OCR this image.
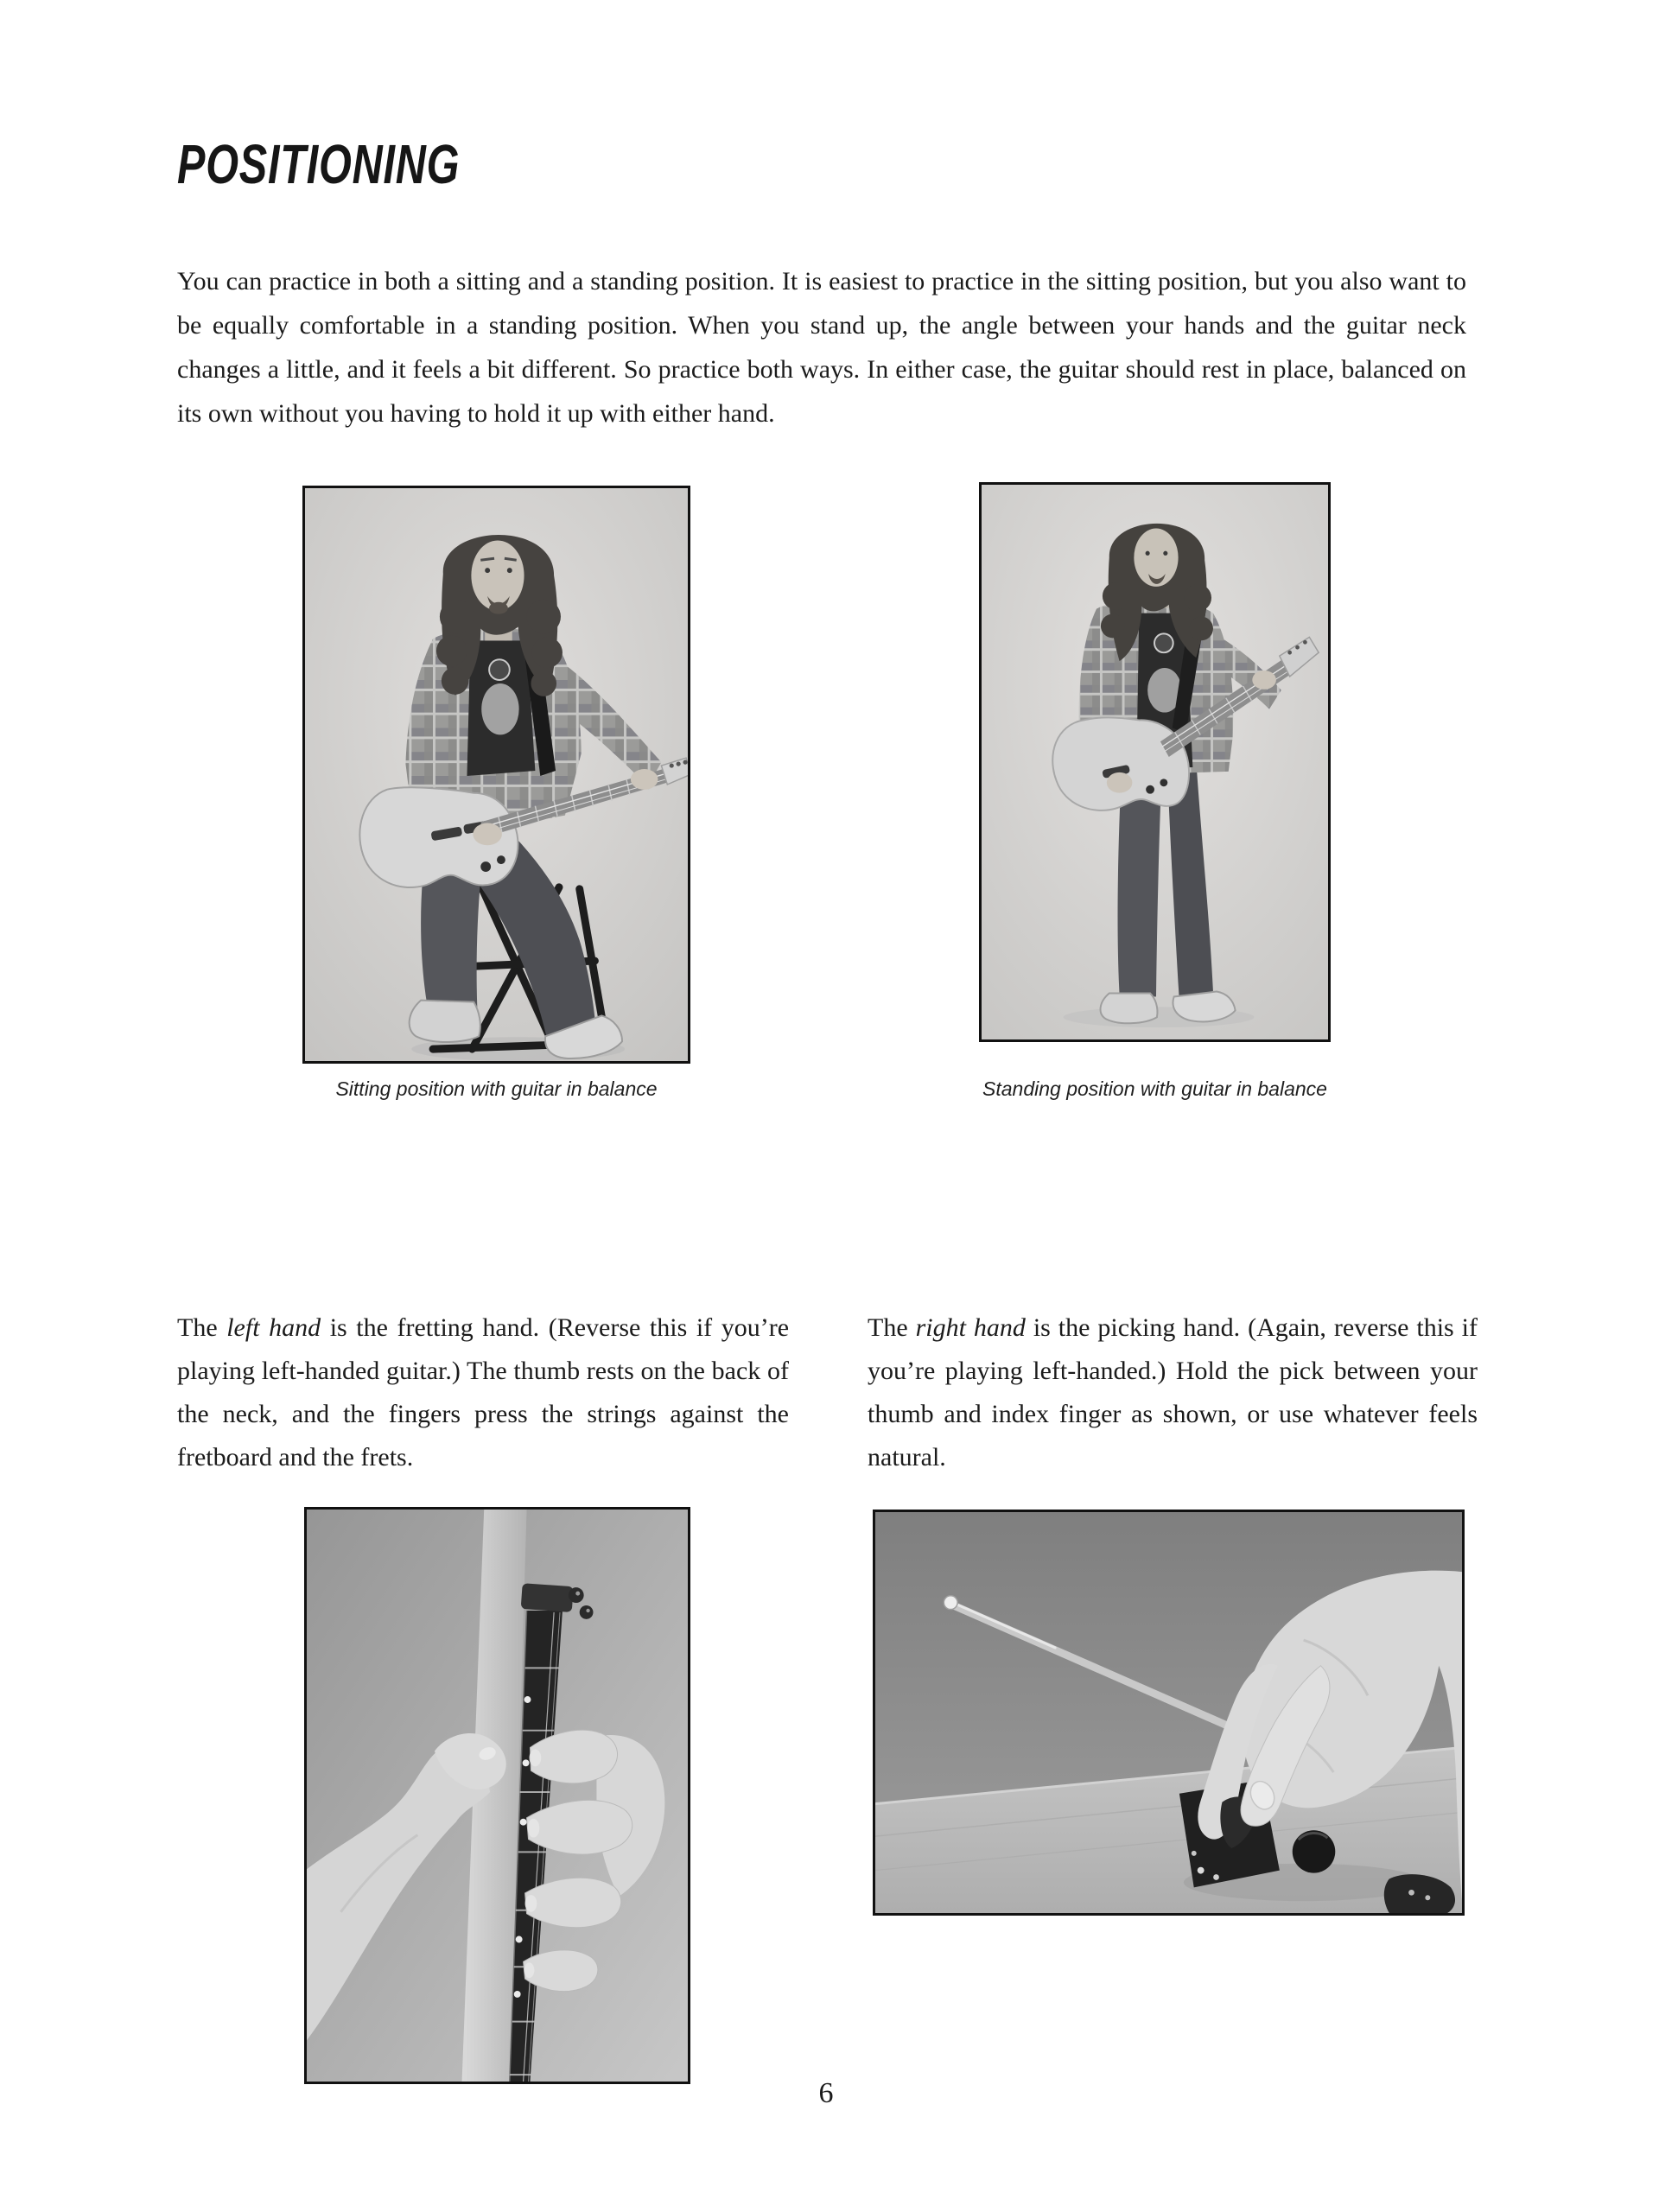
POSITIONING

You can practice in both a sitting and a standing position. It is easiest to practice in the sitting position, but you also want to be equally comfortable in a standing position. When you stand up, the angle between your hands and the guitar neck changes a little, and it feels a bit different. So practice both ways. In either case, the guitar should rest in place, balanced on its own without you having to hold it up with either hand.

Sitting position with guitar in balance	Standing position with guitar in balance

The left hand is the fretting hand. (Reverse this if you’re playing left-handed guitar.) The thumb rests on the back of the neck, and the fingers press the strings against the fretboard and the frets.

The right hand is the picking hand. (Again, reverse this if you’re playing left-handed.) Hold the pick between your thumb and index finger as shown, or use whatever feels natural.

6
